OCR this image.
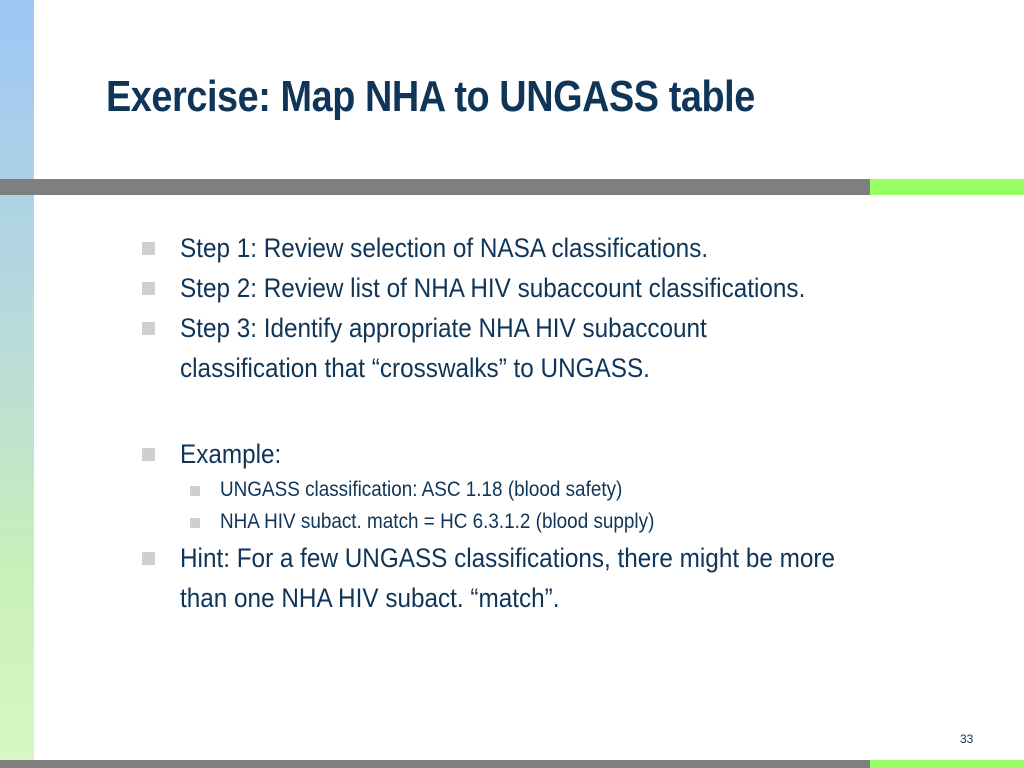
Exercise: Map NHA to UNGASS table
Step 1: Review selection of NASA classifications.
Step 2: Review list of NHA HIV subaccount classifications.
Step 3: Identify appropriate NHA HIV subaccount
classification that “crosswalks” to UNGASS.
Example:
UNGASS classification: ASC 1.18 (blood safety)
NHA HIV subact. match = HC 6.3.1.2 (blood supply)
Hint: For a few UNGASS classifications, there might be more
than one NHA HIV subact. “match”.
33
